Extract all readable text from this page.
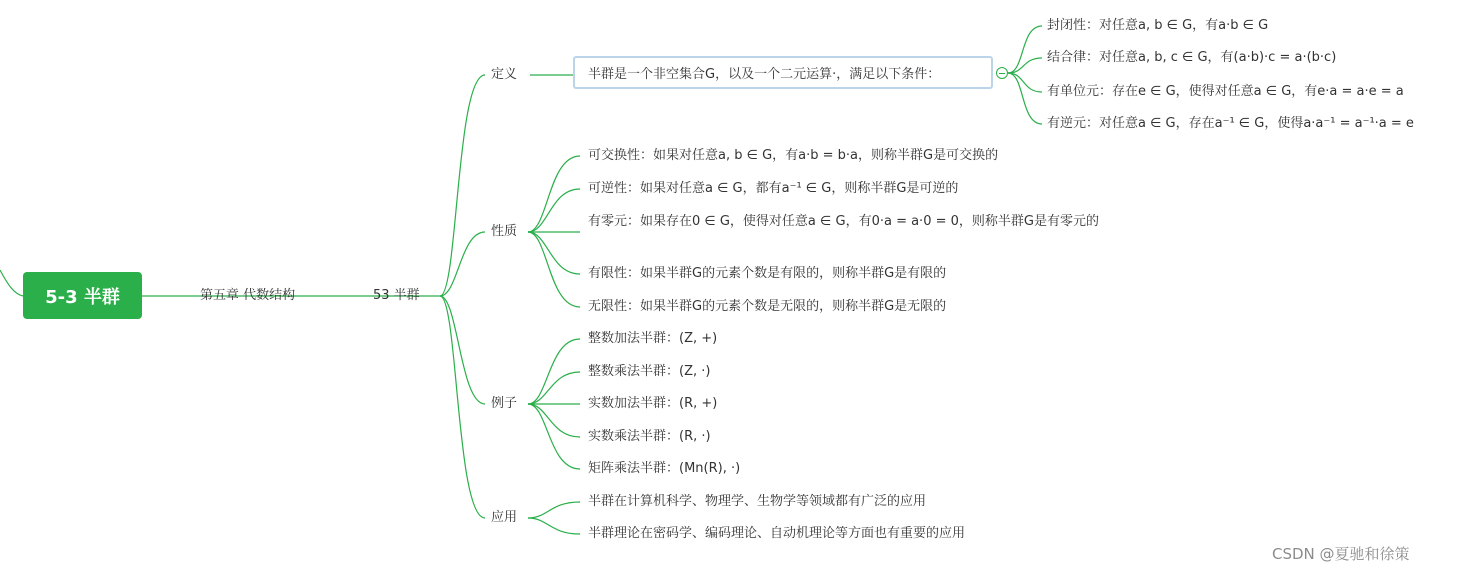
5-3 半群	第五章 代数结构	53 半群
定义	半群是一个非空集合G，以及一个二元运算·，满足以下条件：
封闭性：对任意a, b ∈ G，有a·b ∈ G
结合律：对任意a, b, c ∈ G，有(a·b)·c = a·(b·c)
有单位元：存在e ∈ G，使得对任意a ∈ G，有e·a = a·e = a
有逆元：对任意a ∈ G，存在a⁻¹ ∈ G，使得a·a⁻¹ = a⁻¹·a = e
性质
可交换性：如果对任意a, b ∈ G，有a·b = b·a，则称半群G是可交换的
可逆性：如果对任意a ∈ G，都有a⁻¹ ∈ G，则称半群G是可逆的
有零元：如果存在0 ∈ G，使得对任意a ∈ G，有0·a = a·0 = 0，则称半群G是有零元的
有限性：如果半群G的元素个数是有限的，则称半群G是有限的
无限性：如果半群G的元素个数是无限的，则称半群G是无限的
例子
整数加法半群：(Z, +)
整数乘法半群：(Z, ·)
实数加法半群：(R, +)
实数乘法半群：(R, ·)
矩阵乘法半群：(Mn(R), ·)
应用
半群在计算机科学、物理学、生物学等领域都有广泛的应用
半群理论在密码学、编码理论、自动机理论等方面也有重要的应用
CSDN @夏驰和徐策
